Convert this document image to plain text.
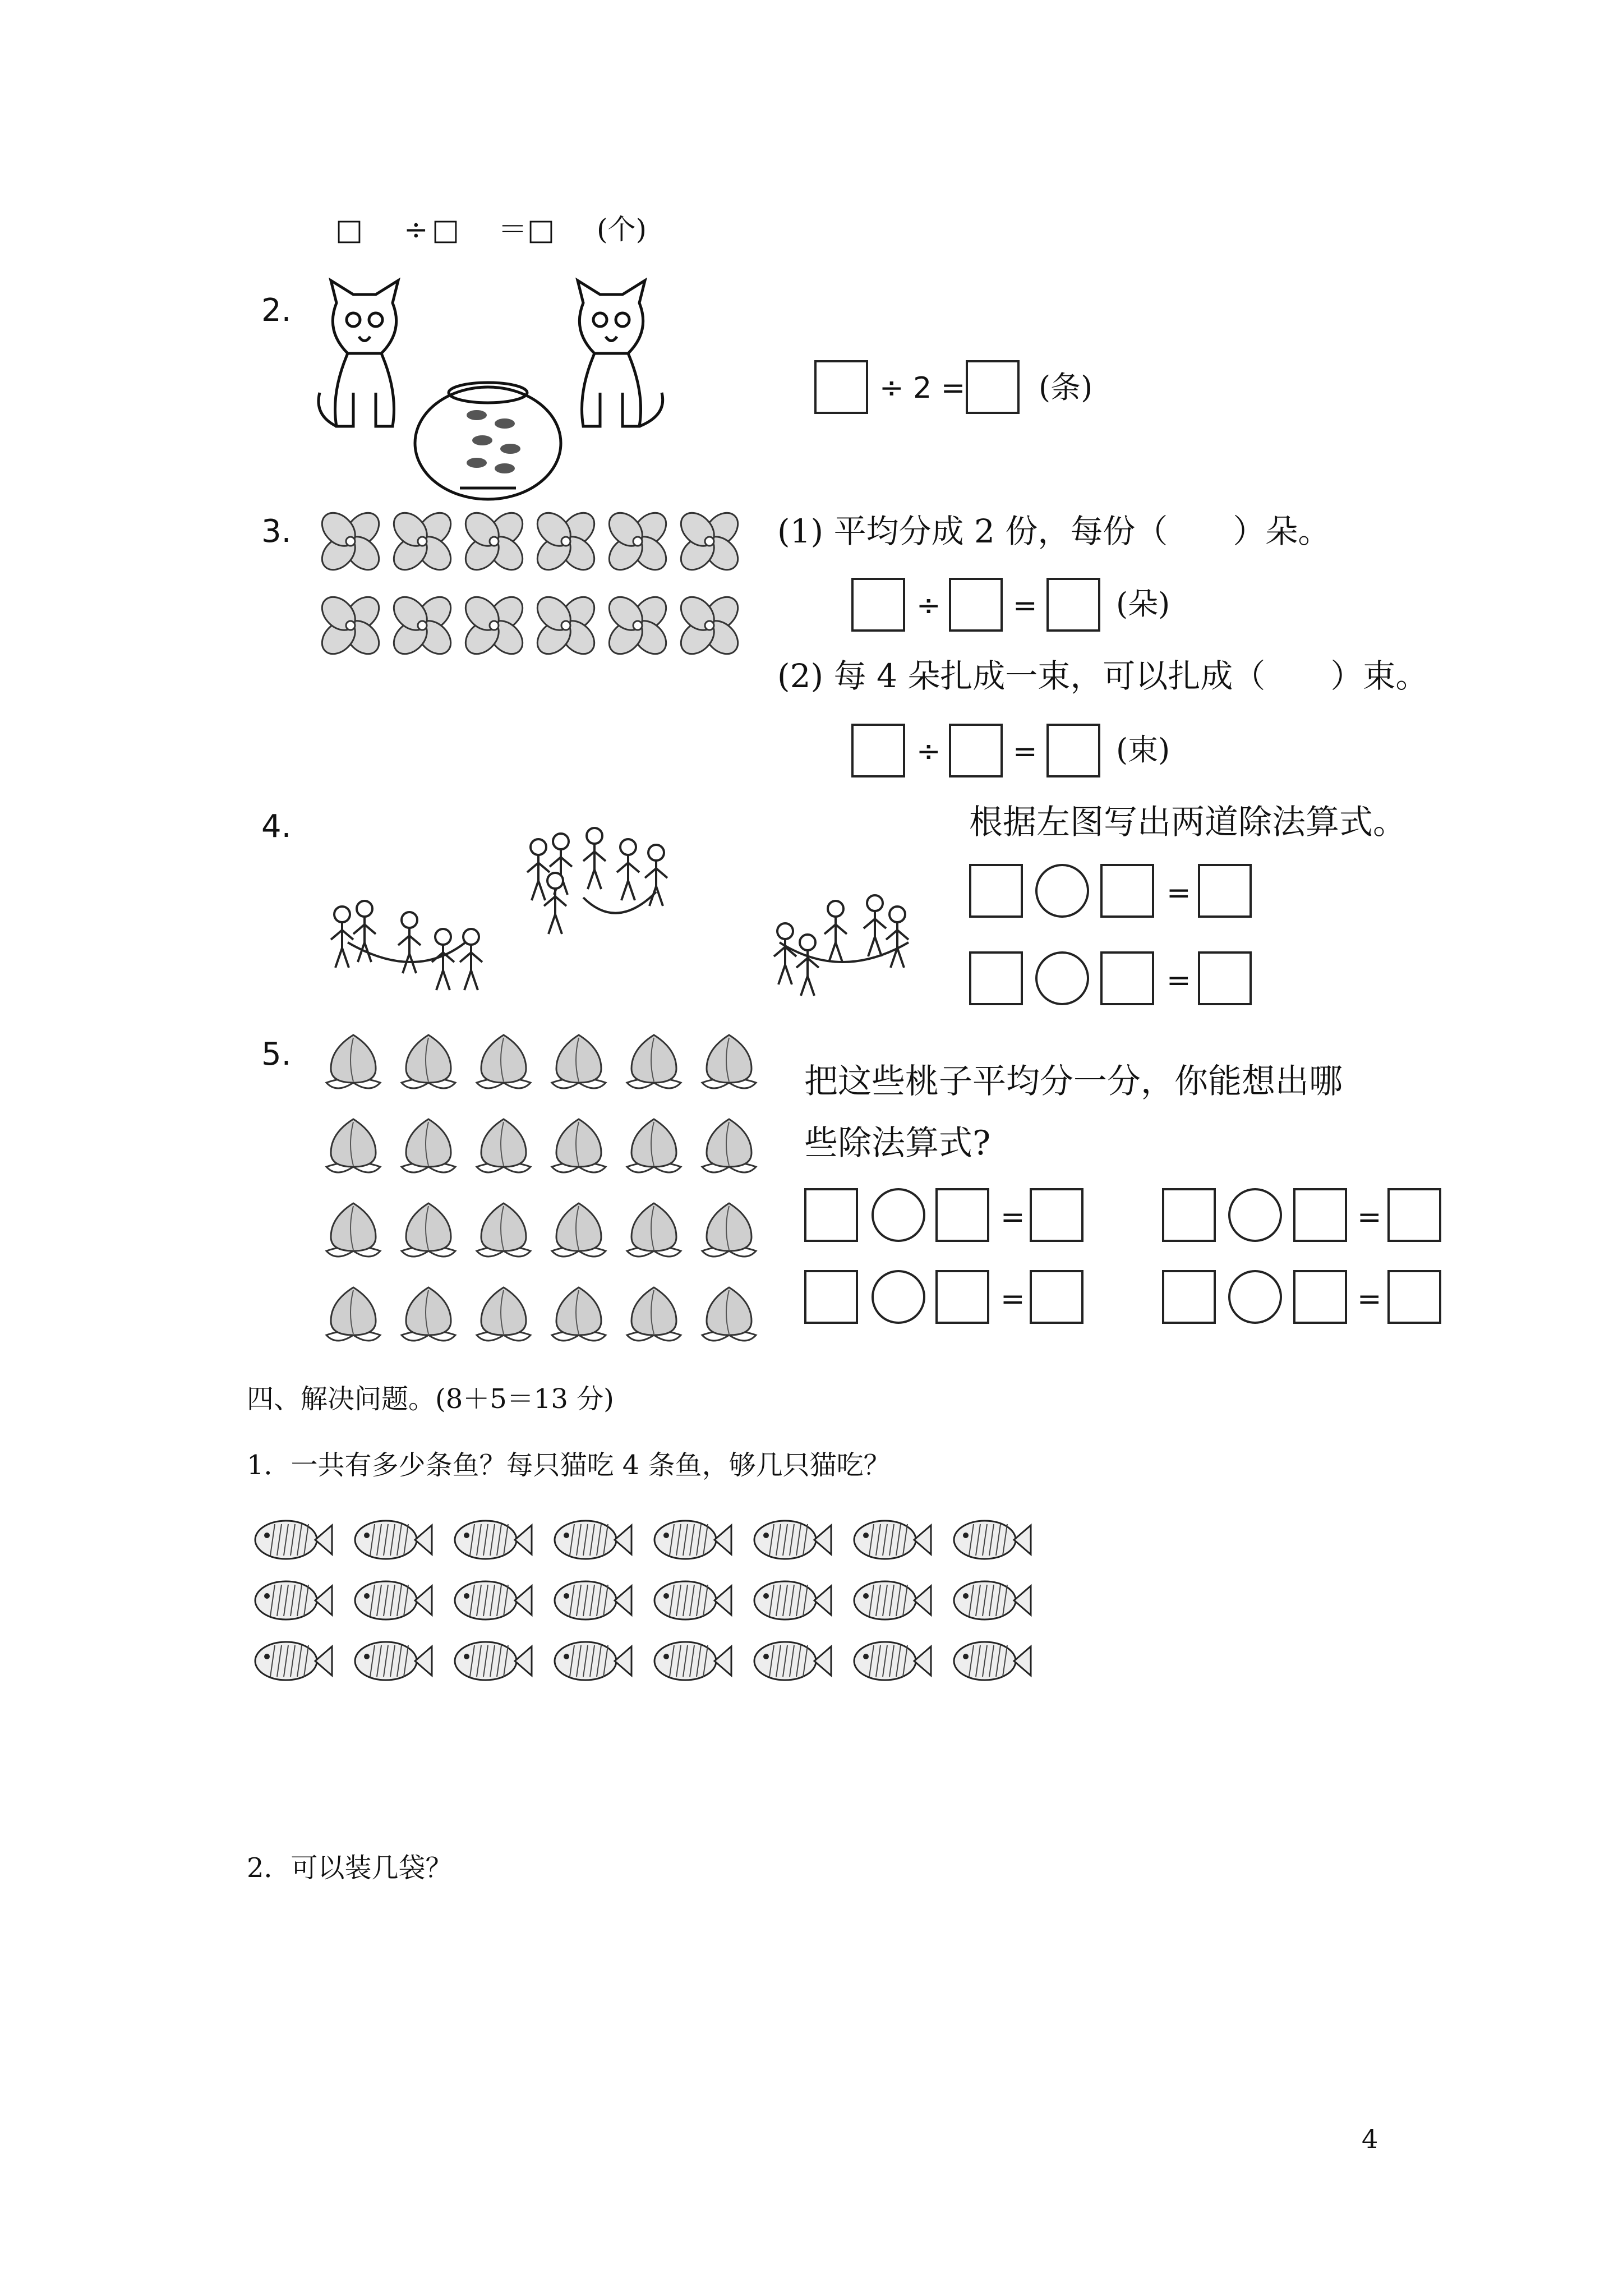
□ ÷ □ ＝ □ (个)
2.
÷ 2 = (条)
3.	(1) 平均分成 2 份，每份（　　）朵。
÷ =	(朵)
(2) 每 4 朵扎成一束，可以扎成（　　）束。
÷ =	(束)
4.	根据左图写出两道除法算式。
=
=
5.
把这些桃子平均分一分，你能想出哪
些除法算式?
=
=
=
=
四、解决问题。(8＋5＝13 分)
1．一共有多少条鱼？每只猫吃 4 条鱼，够几只猫吃？
2．可以装几袋？
4
